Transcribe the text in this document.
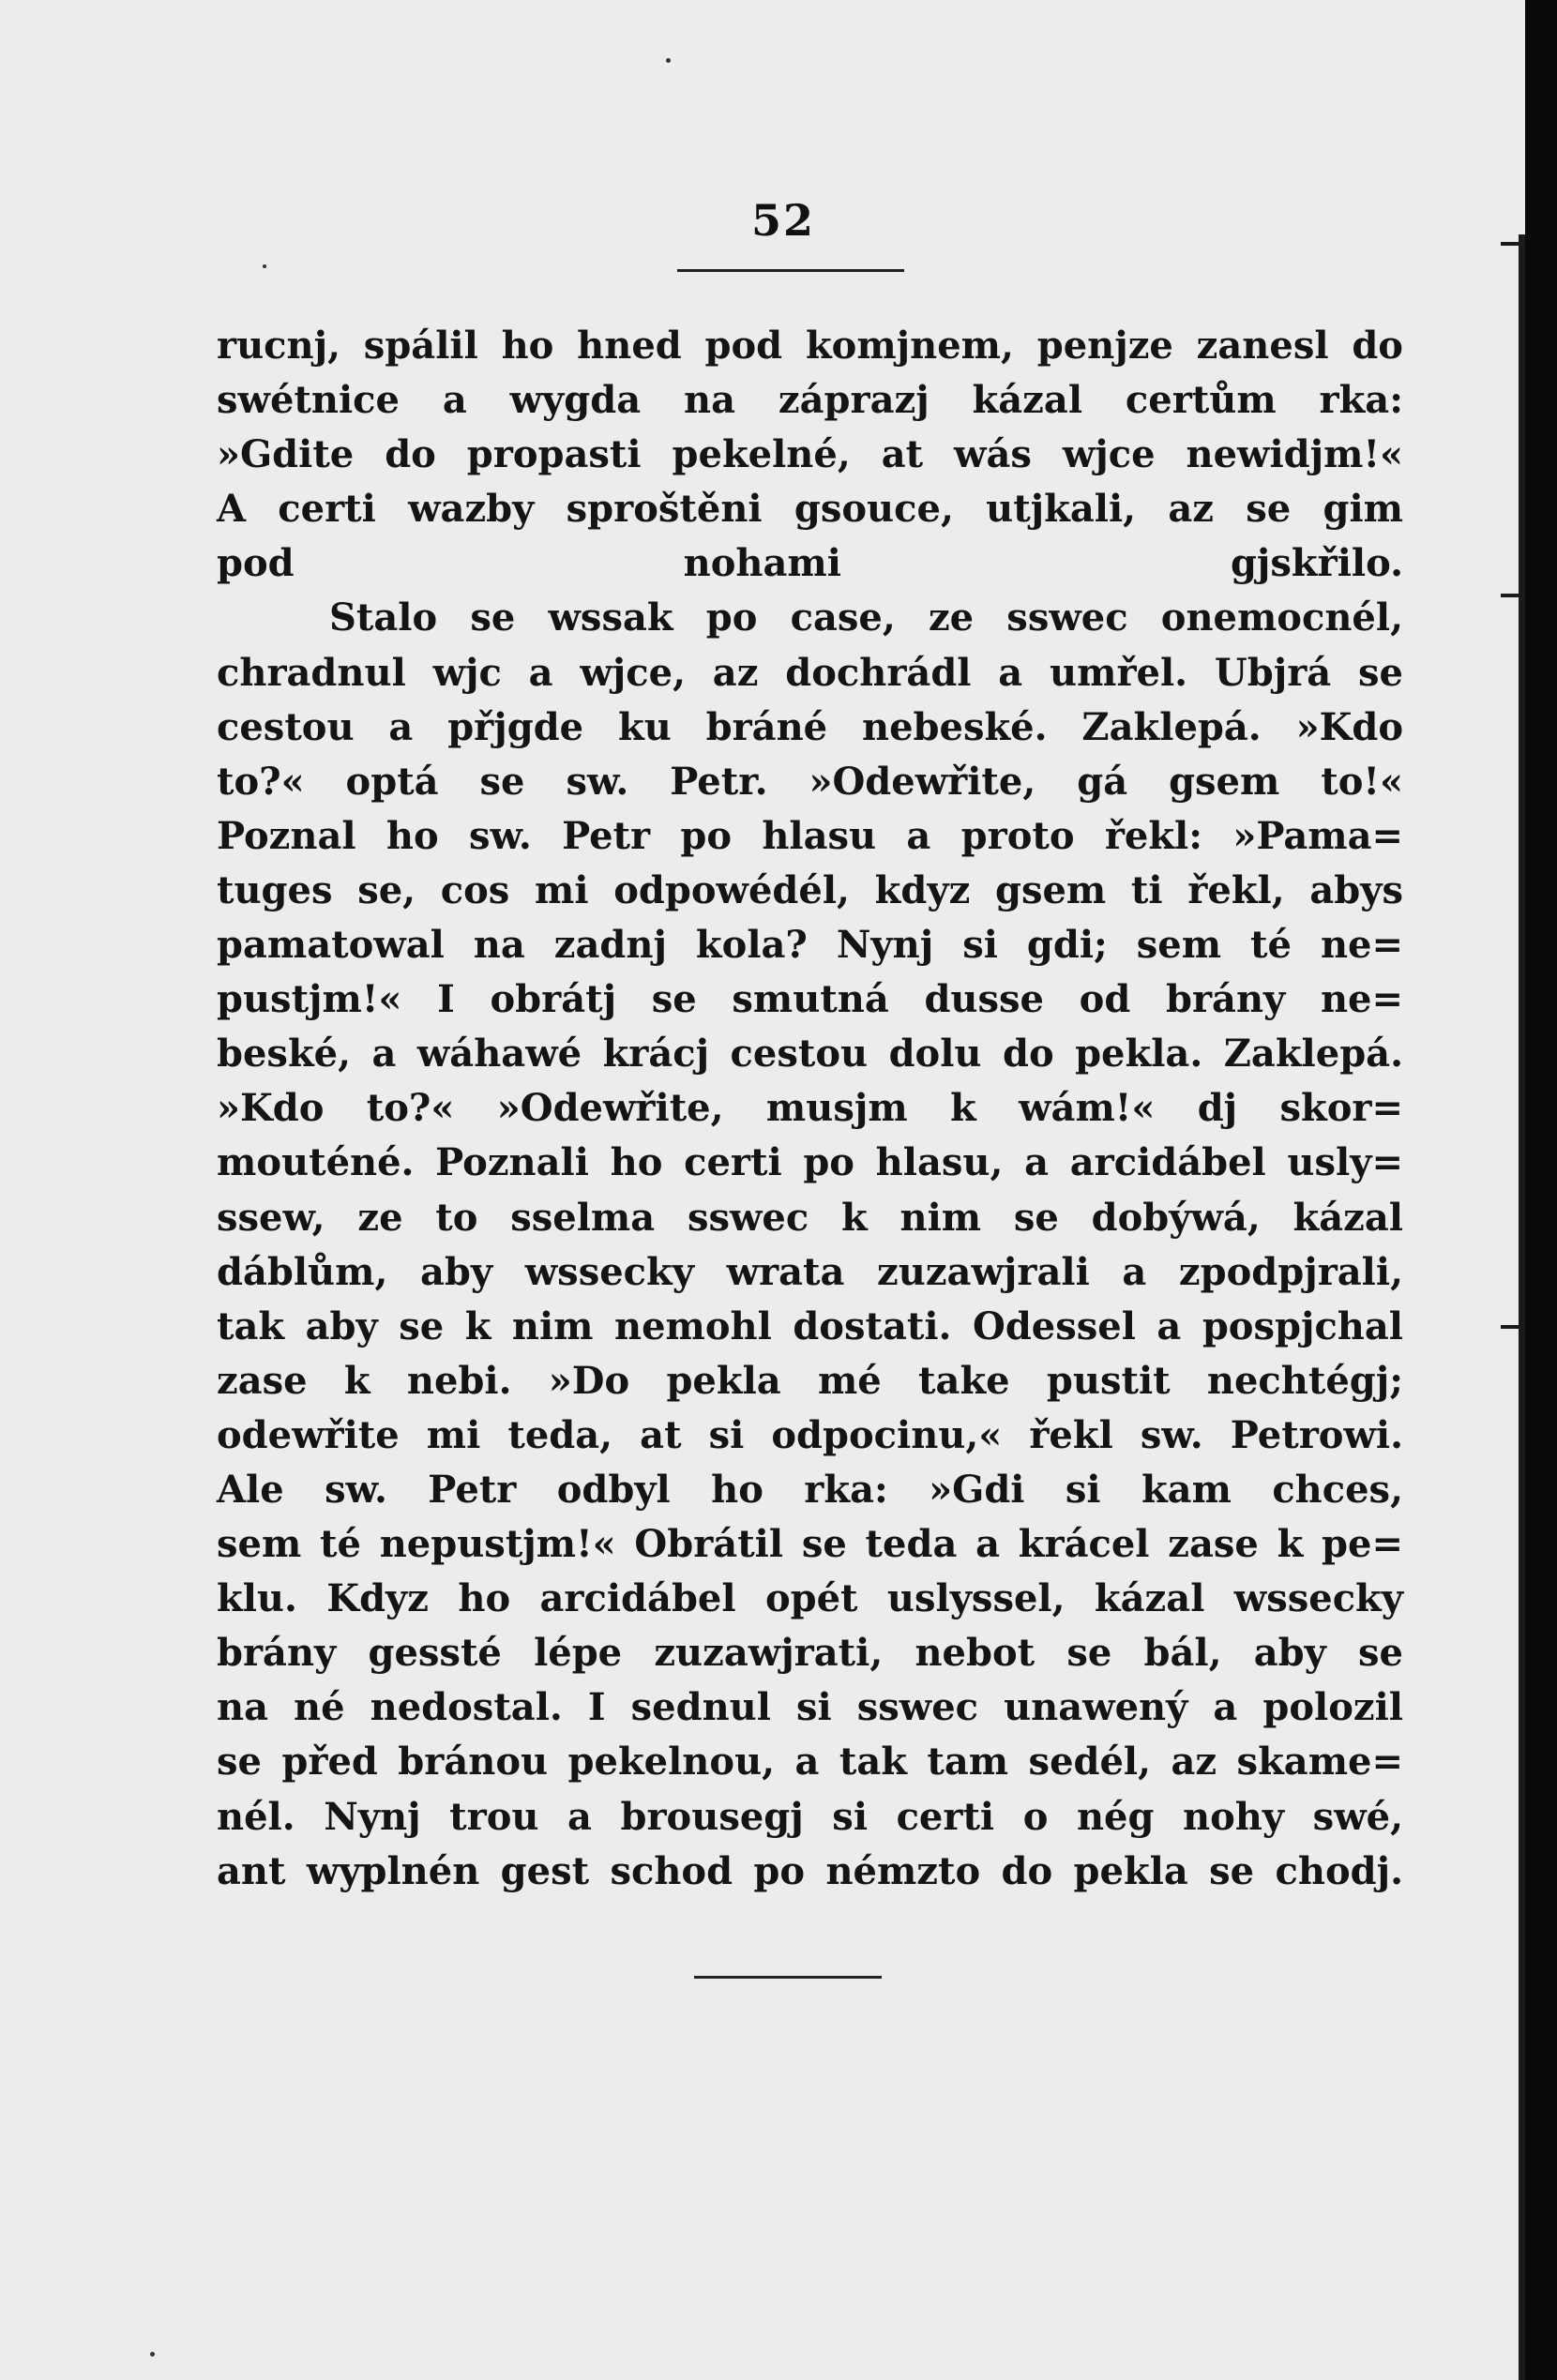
52
rucnj, spálil ho hned pod komjnem, penjze zanesl do
swétnice a wygda na záprazj kázal certům rka:
»Gdite do propasti pekelné, at wás wjce newidjm!«
A certi wazby sproštěni gsouce, utjkali, az se gim
pod nohami gjskřilo.
Stalo se wssak po case, ze sswec onemocnél,
chradnul wjc a wjce, az dochrádl a umřel. Ubjrá se
cestou a přjgde ku bráné nebeské. Zaklepá. »Kdo
to?« optá se sw. Petr. »Odewřite, gá gsem to!«
Poznal ho sw. Petr po hlasu a proto řekl: »Pama=
tuges se, cos mi odpowédél, kdyz gsem ti řekl, abys
pamatowal na zadnj kola? Nynj si gdi; sem té ne=
pustjm!« I obrátj se smutná dusse od brány ne=
beské, a wáhawé krácj cestou dolu do pekla. Zaklepá.
»Kdo to?« »Odewřite, musjm k wám!« dj skor=
mouténé. Poznali ho certi po hlasu, a arcidábel usly=
ssew, ze to sselma sswec k nim se dobýwá, kázal
dáblům, aby wssecky wrata zuzawjrali a zpodpjrali,
tak aby se k nim nemohl dostati. Odessel a pospjchal
zase k nebi. »Do pekla mé take pustit nechtégj;
odewřite mi teda, at si odpocinu,« řekl sw. Petrowi.
Ale sw. Petr odbyl ho rka: »Gdi si kam chces,
sem té nepustjm!« Obrátil se teda a krácel zase k pe=
klu. Kdyz ho arcidábel opét uslyssel, kázal wssecky
brány gessté lépe zuzawjrati, nebot se bál, aby se
na né nedostal. I sednul si sswec unawený a polozil
se před bránou pekelnou, a tak tam sedél, az skame=
nél. Nynj trou a brousegj si certi o nég nohy swé,
ant wyplnén gest schod po némzto do pekla se chodj.
